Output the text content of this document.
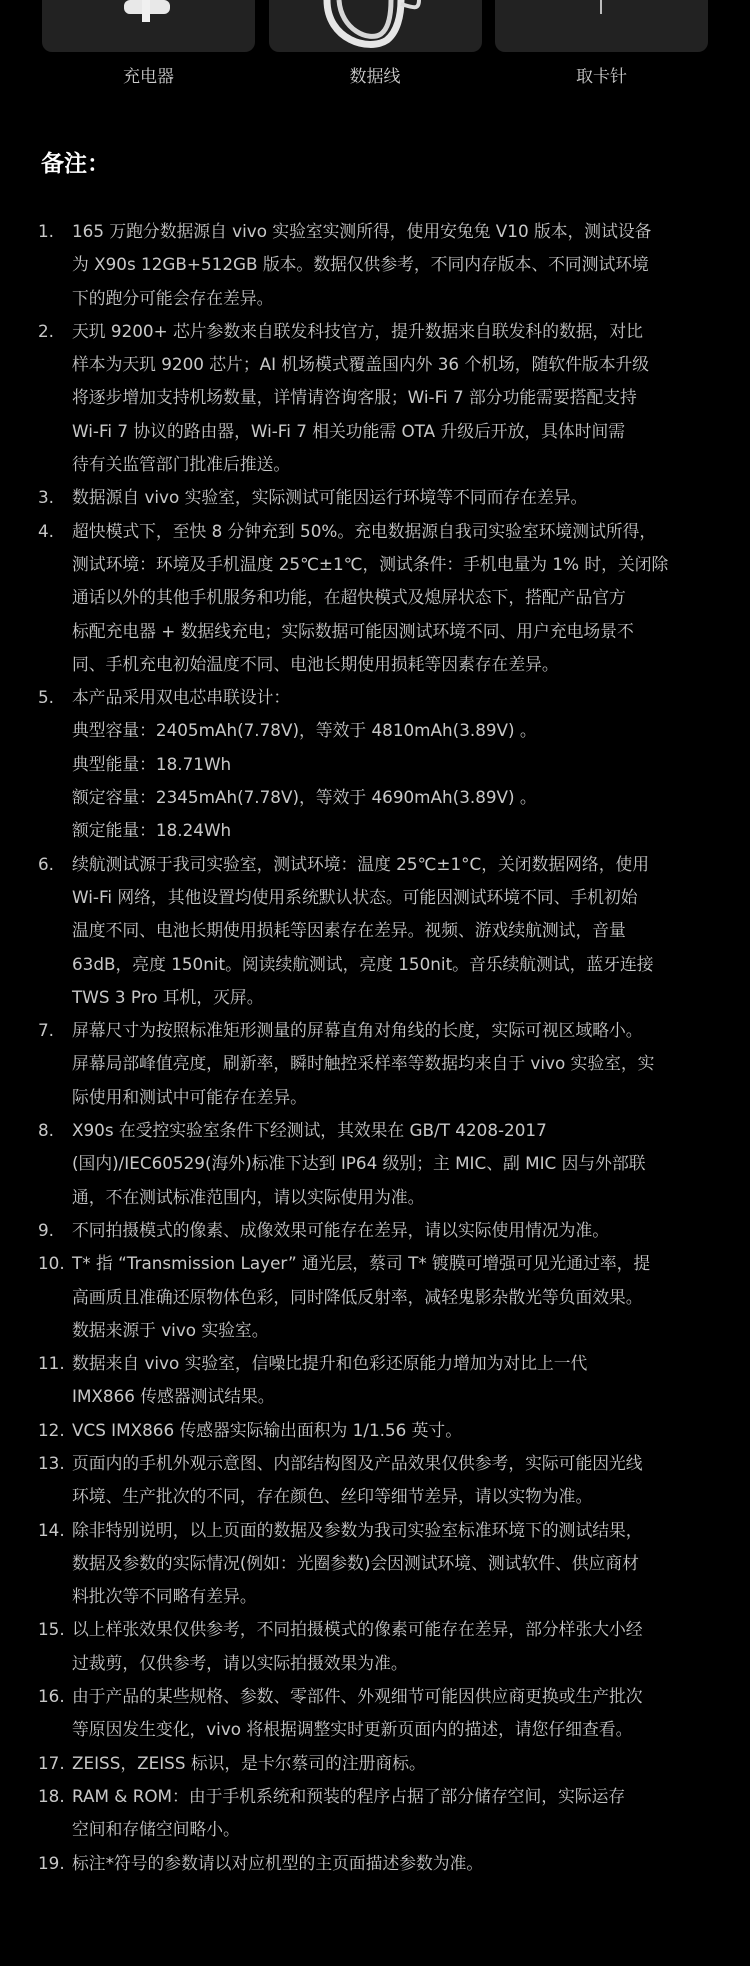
充电器	数据线	取卡针
备注：
1. 165 万跑分数据源自 vivo 实验室实测所得，使用安兔兔 V10 版本，测试设备
为 X90s 12GB+512GB 版本。数据仅供参考，不同内存版本、不同测试环境
下的跑分可能会存在差异。
2. 天玑 9200+ 芯片参数来自联发科技官方，提升数据来自联发科的数据，对比
样本为天玑 9200 芯片；AI 机场模式覆盖国内外 36 个机场，随软件版本升级
将逐步增加支持机场数量，详情请咨询客服；Wi-Fi 7 部分功能需要搭配支持
Wi-Fi 7 协议的路由器，Wi-Fi 7 相关功能需 OTA 升级后开放，具体时间需
待有关监管部门批准后推送。
3. 数据源自 vivo 实验室，实际测试可能因运行环境等不同而存在差异。
4. 超快模式下，至快 8 分钟充到 50%。充电数据源自我司实验室环境测试所得，
测试环境：环境及手机温度 25℃±1℃，测试条件：手机电量为 1% 时，关闭除
通话以外的其他手机服务和功能，在超快模式及熄屏状态下，搭配产品官方
标配充电器 + 数据线充电；实际数据可能因测试环境不同、用户充电场景不
同、手机充电初始温度不同、电池长期使用损耗等因素存在差异。
5. 本产品采用双电芯串联设计：
典型容量：2405mAh(7.78V)，等效于 4810mAh(3.89V) 。
典型能量：18.71Wh
额定容量：2345mAh(7.78V)，等效于 4690mAh(3.89V) 。
额定能量：18.24Wh
6. 续航测试源于我司实验室，测试环境：温度 25℃±1°C，关闭数据网络，使用
Wi-Fi 网络，其他设置均使用系统默认状态。可能因测试环境不同、手机初始
温度不同、电池长期使用损耗等因素存在差异。视频、游戏续航测试，音量
63dB，亮度 150nit。阅读续航测试，亮度 150nit。音乐续航测试，蓝牙连接
TWS 3 Pro 耳机，灭屏。
7. 屏幕尺寸为按照标准矩形测量的屏幕直角对角线的长度，实际可视区域略小。
屏幕局部峰值亮度，刷新率，瞬时触控采样率等数据均来自于 vivo 实验室，实
际使用和测试中可能存在差异。
8. X90s 在受控实验室条件下经测试，其效果在 GB/T 4208-2017
(国内)/IEC60529(海外)标准下达到 IP64 级别；主 MIC、副 MIC 因与外部联
通，不在测试标准范围内，请以实际使用为准。
9. 不同拍摄模式的像素、成像效果可能存在差异，请以实际使用情况为准。
10. T* 指 “Transmission Layer” 通光层，蔡司 T* 镀膜可增强可见光通过率，提
高画质且准确还原物体色彩，同时降低反射率，减轻鬼影杂散光等负面效果。
数据来源于 vivo 实验室。
11. 数据来自 vivo 实验室，信噪比提升和色彩还原能力增加为对比上一代
IMX866 传感器测试结果。
12. VCS IMX866 传感器实际输出面积为 1/1.56 英寸。
13. 页面内的手机外观示意图、内部结构图及产品效果仅供参考，实际可能因光线
环境、生产批次的不同，存在颜色、丝印等细节差异，请以实物为准。
14. 除非特别说明，以上页面的数据及参数为我司实验室标准环境下的测试结果，
数据及参数的实际情况(例如：光圈参数)会因测试环境、测试软件、供应商材
料批次等不同略有差异。
15. 以上样张效果仅供参考，不同拍摄模式的像素可能存在差异，部分样张大小经
过裁剪，仅供参考，请以实际拍摄效果为准。
16. 由于产品的某些规格、参数、零部件、外观细节可能因供应商更换或生产批次
等原因发生变化，vivo 将根据调整实时更新页面内的描述，请您仔细查看。
17. ZEISS，ZEISS 标识，是卡尔蔡司的注册商标。
18. RAM & ROM：由于手机系统和预装的程序占据了部分储存空间，实际运存
空间和存储空间略小。
19. 标注*符号的参数请以对应机型的主页面描述参数为准。
